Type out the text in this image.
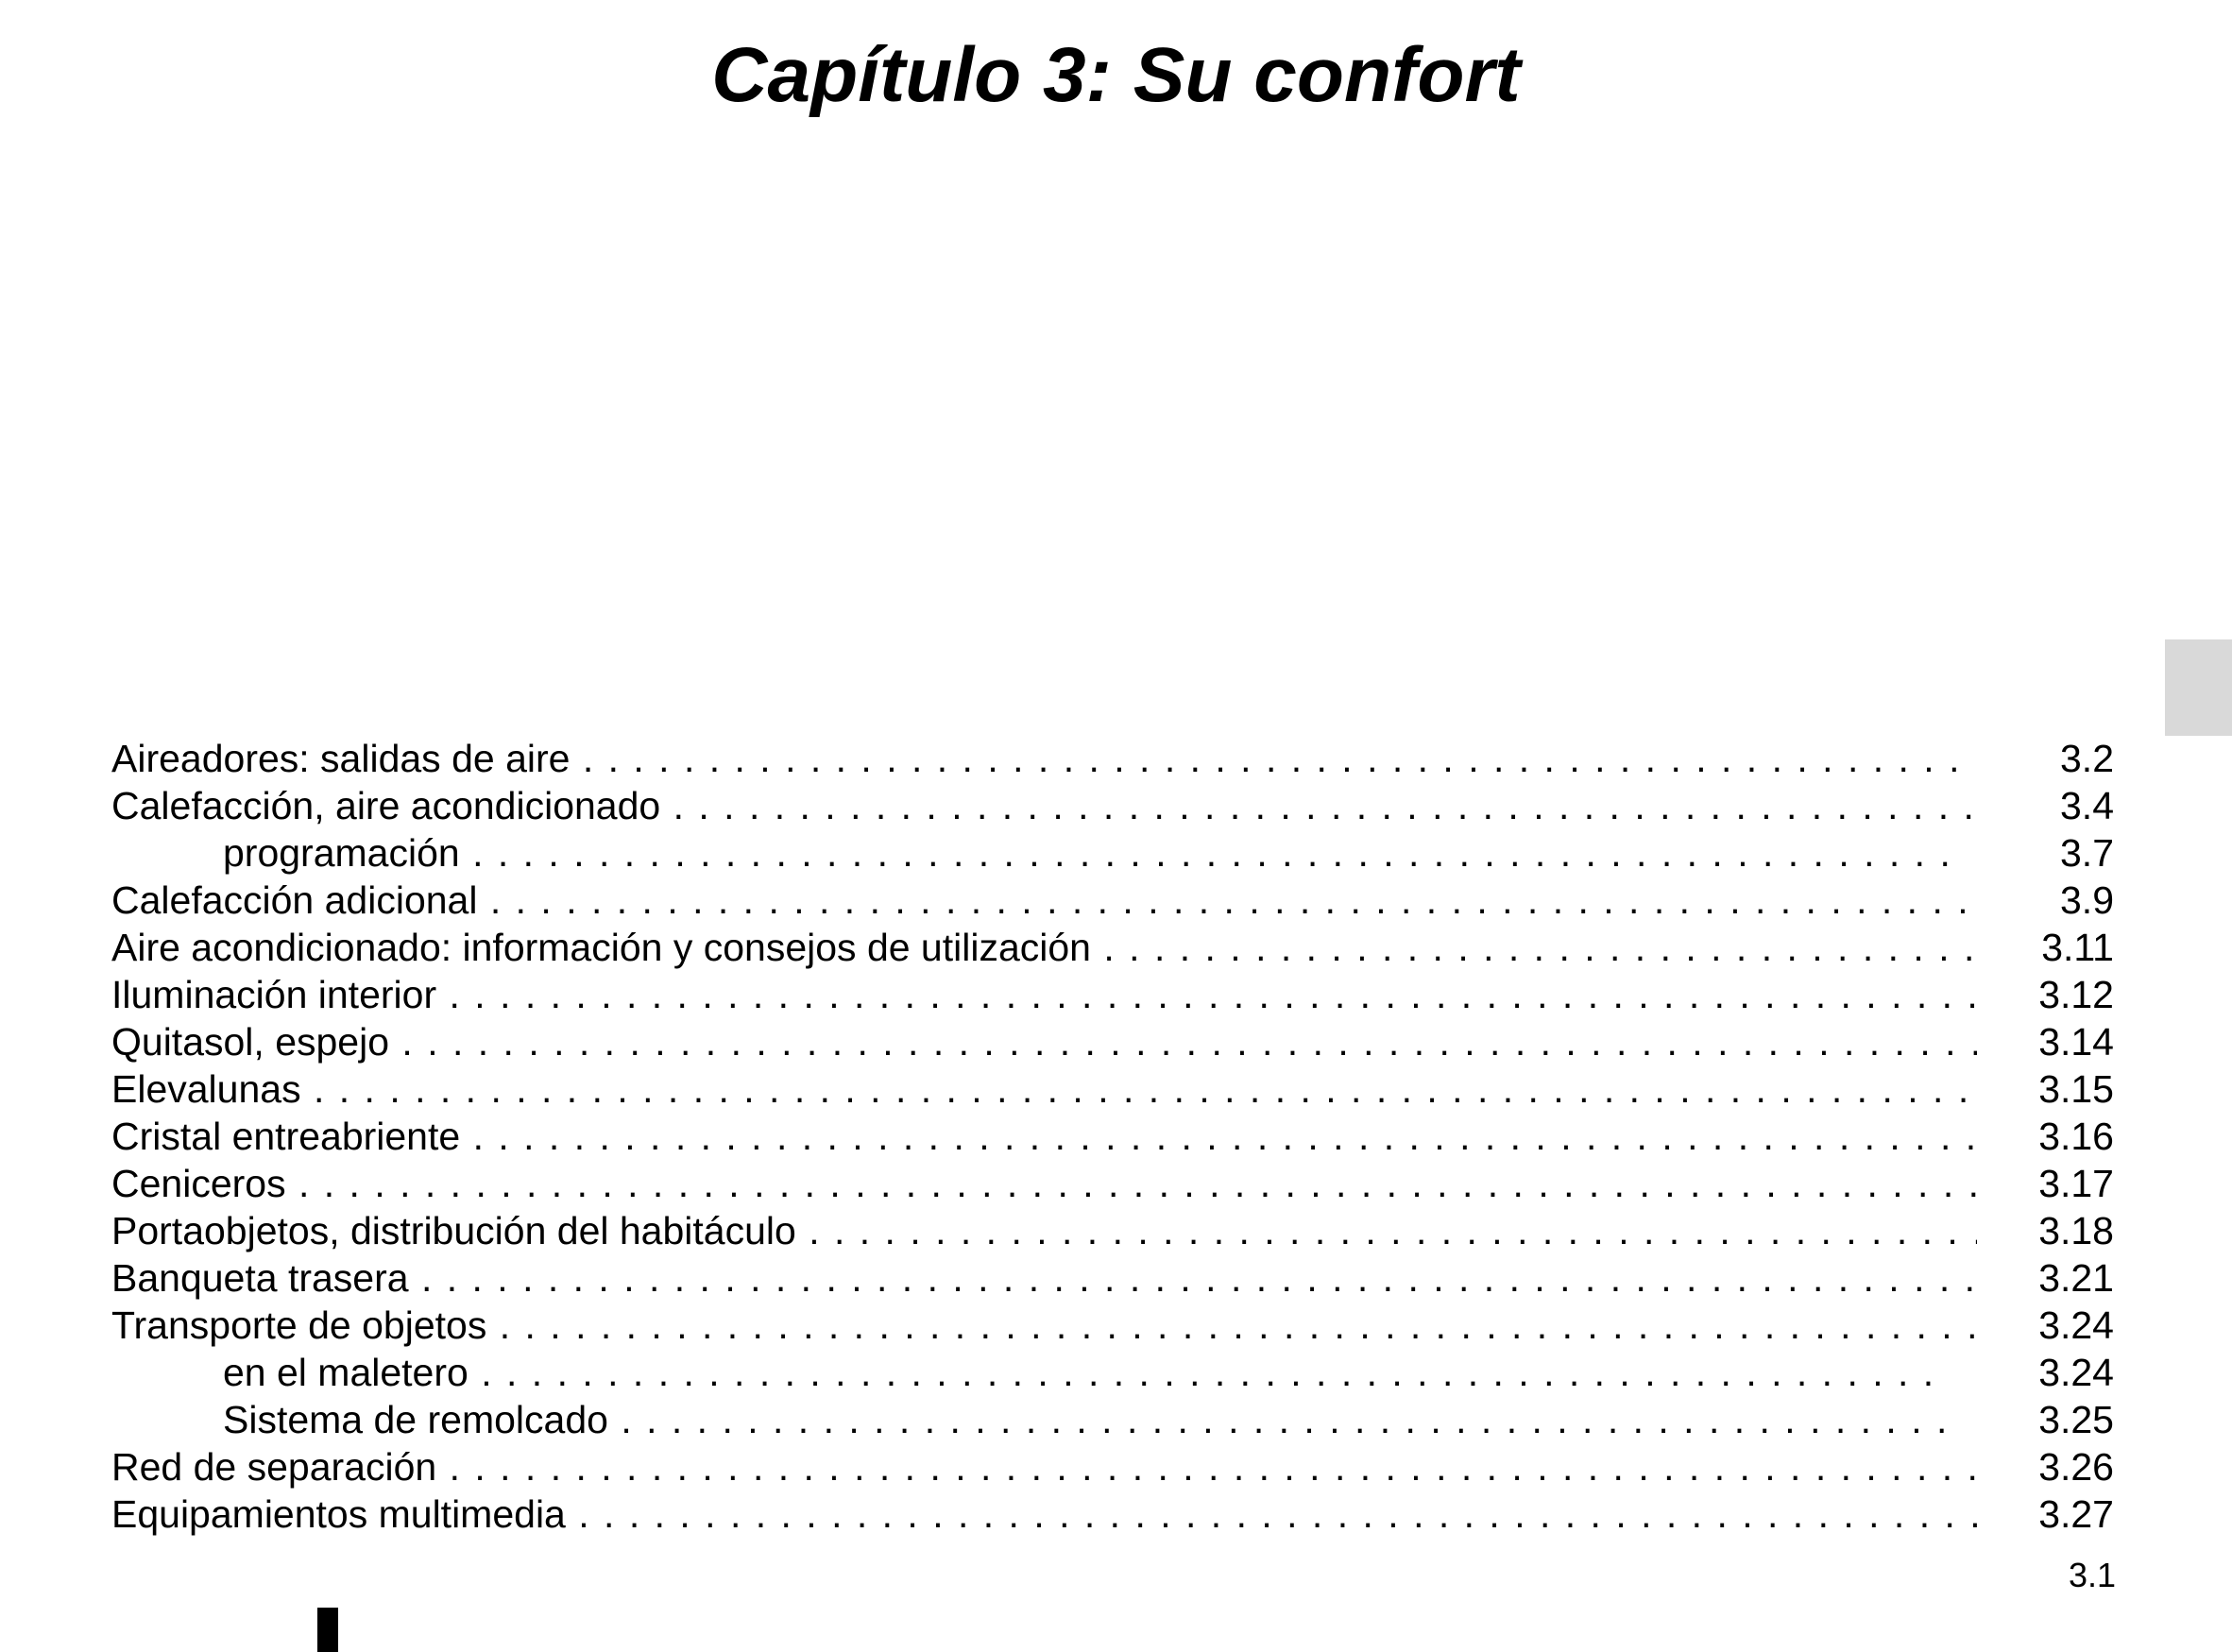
Capítulo 3: Su confort
Aireadores: salidas de aire . . .	3.2
Calefacción, aire acondicionado . . .	3.4
programación . . .	3.7
Calefacción adicional . . .	3.9
Aire acondicionado: información y consejos de utilización . . .	3.11
Iluminación interior . . .	3.12
Quitasol, espejo . . .	3.14
Elevalunas . . .	3.15
Cristal entreabriente . . .	3.16
Ceniceros . . .	3.17
Portaobjetos, distribución del habitáculo . . .	3.18
Banqueta trasera . . .	3.21
Transporte de objetos . . .	3.24
en el maletero . . .	3.24
Sistema de remolcado . . .	3.25
Red de separación . . .	3.26
Equipamientos multimedia . . .	3.27
3.1
